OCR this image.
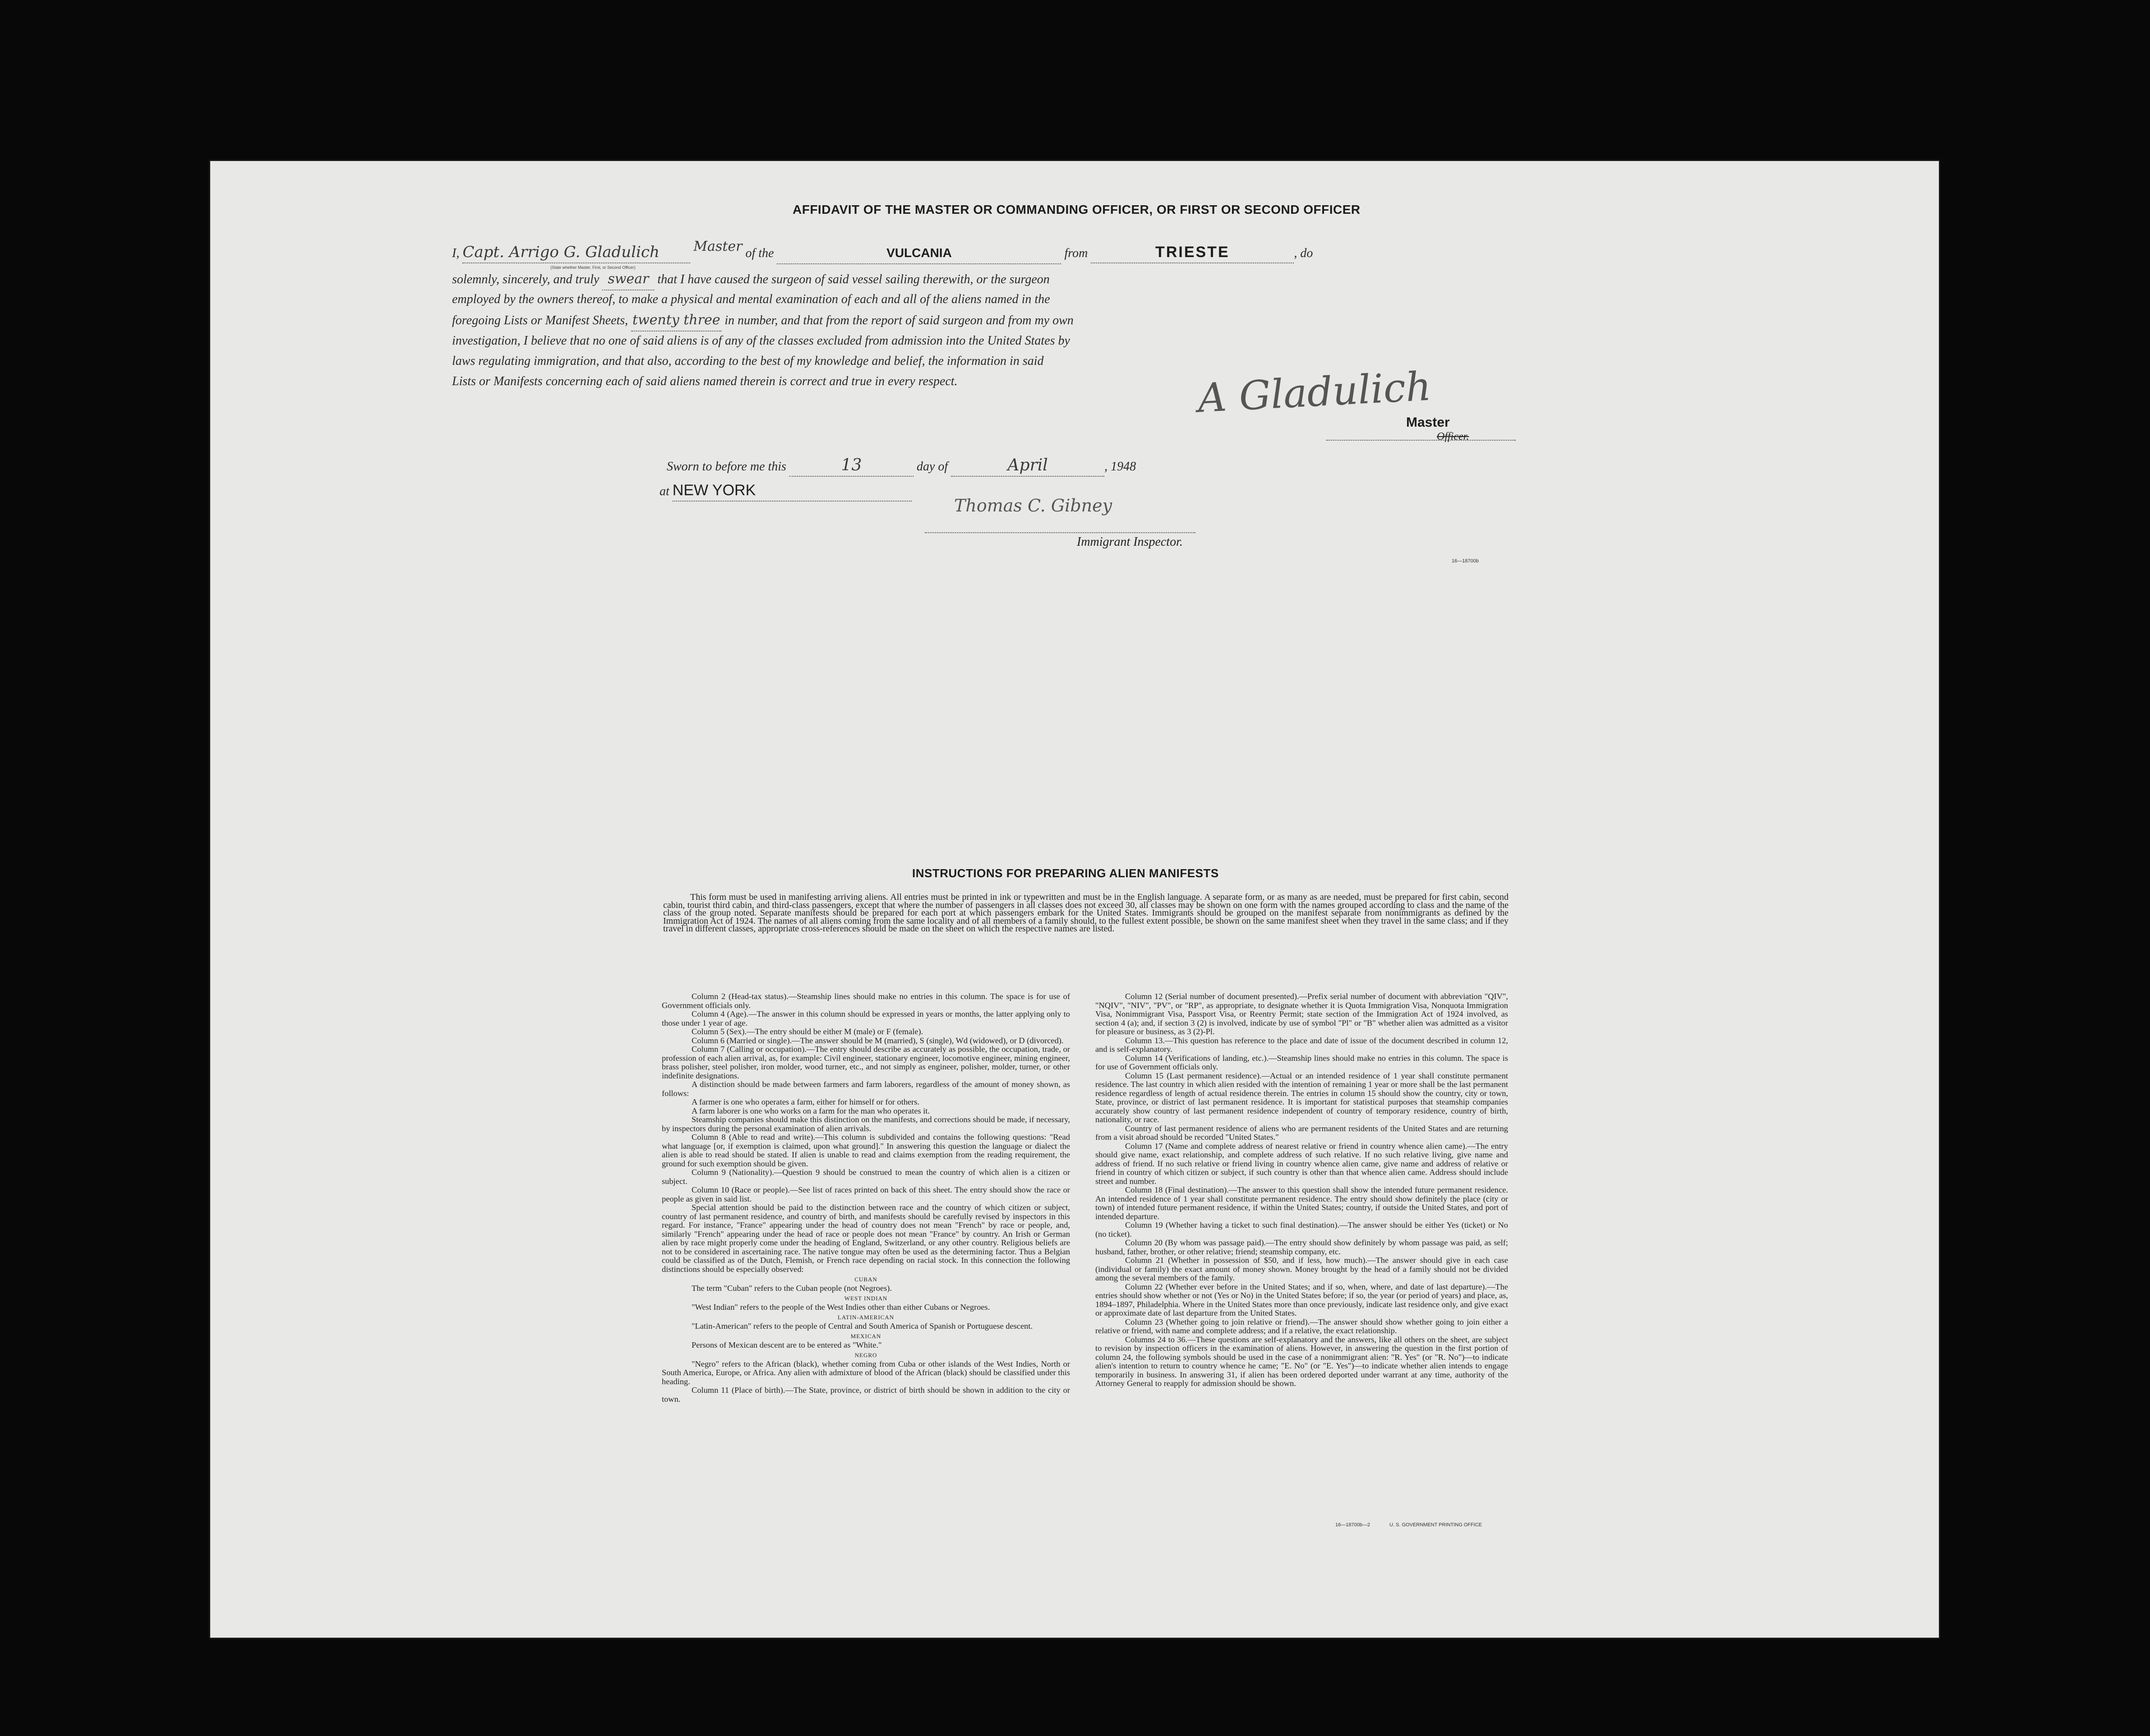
AFFIDAVIT OF THE MASTER OR COMMANDING OFFICER, OR FIRST OR SECOND OFFICER
I, Capt. Arrigo G. Gladulich	Master of the	VULCANIA	from	TRIESTE	, do
(State whether Master, First, or Second Officer)
solemnly, sincerely, and truly swear that I have caused the surgeon of said vessel sailing therewith, or the surgeon
employed by the owners thereof, to make a physical and mental examination of each and all of the aliens named in the
foregoing Lists or Manifest Sheets, twenty three in number, and that from the report of said surgeon and from my own
investigation, I believe that no one of said aliens is of any of the classes excluded from admission into the United States by
laws regulating immigration, and that also, according to the best of my knowledge and belief, the information in said
Lists or Manifests concerning each of said aliens named therein is correct and true in every respect.	A Gladulich
Master
Officer.
Sworn to before me this	13	day of	April	, 1948
at NEW YORK
Thomas C. Gibney
Immigrant Inspector.
16—18700b
INSTRUCTIONS FOR PREPARING ALIEN MANIFESTS

This form must be used in manifesting arriving aliens. All entries must be printed in ink or typewritten and must be in the English language. A separate form, or as many as are needed, must be prepared for first cabin, second cabin, tourist third cabin, and third-class passengers, except that where the number of passengers in all classes does not exceed 30, all classes may be shown on one form with the names grouped according to class and the name of the class of the group noted. Separate manifests should be prepared for each port at which passengers embark for the United States. Immigrants should be grouped on the manifest separate from nonimmigrants as defined by the Immigration Act of 1924. The names of all aliens coming from the same locality and of all members of a family should, to the fullest extent possible, be shown on the same manifest sheet when they travel in the same class; and if they travel in different classes, appropriate cross-references should be made on the sheet on which the respective names are listed.

Column 2 (Head-tax status).—Steamship lines should make no entries in this column. The space is for use of Government officials only.

Column 4 (Age).—The answer in this column should be expressed in years or months, the latter applying only to those under 1 year of age.

Column 5 (Sex).—The entry should be either M (male) or F (female).

Column 6 (Married or single).—The answer should be M (married), S (single), Wd (widowed), or D (divorced).

Column 7 (Calling or occupation).—The entry should describe as accurately as possible, the occupation, trade, or profession of each alien arrival, as, for example: Civil engineer, stationary engineer, locomotive engineer, mining engineer, brass polisher, steel polisher, iron molder, wood turner, etc., and not simply as engineer, polisher, molder, turner, or other indefinite designations.

A distinction should be made between farmers and farm laborers, regardless of the amount of money shown, as follows:

A farmer is one who operates a farm, either for himself or for others.

A farm laborer is one who works on a farm for the man who operates it.

Steamship companies should make this distinction on the manifests, and corrections should be made, if necessary, by inspectors during the personal examination of alien arrivals.

Column 8 (Able to read and write).—This column is subdivided and contains the following questions: "Read what language [or, if exemption is claimed, upon what ground]." In answering this question the language or dialect the alien is able to read should be stated. If alien is unable to read and claims exemption from the reading requirement, the ground for such exemption should be given.

Column 9 (Nationality).—Question 9 should be construed to mean the country of which alien is a citizen or subject.

Column 10 (Race or people).—See list of races printed on back of this sheet. The entry should show the race or people as given in said list.

Special attention should be paid to the distinction between race and the country of which citizen or subject, country of last permanent residence, and country of birth, and manifests should be carefully revised by inspectors in this regard. For instance, "France" appearing under the head of country does not mean "French" by race or people, and, similarly "French" appearing under the head of race or people does not mean "France" by country. An Irish or German alien by race might properly come under the heading of England, Switzerland, or any other country. Religious beliefs are not to be considered in ascertaining race. The native tongue may often be used as the determining factor. Thus a Belgian could be classified as of the Dutch, Flemish, or French race depending on racial stock. In this connection the following distinctions should be especially observed:

CUBAN

The term "Cuban" refers to the Cuban people (not Negroes).

WEST INDIAN

"West Indian" refers to the people of the West Indies other than either Cubans or Negroes.

LATIN-AMERICAN

"Latin-American" refers to the people of Central and South America of Spanish or Portuguese descent.

MEXICAN

Persons of Mexican descent are to be entered as "White."

NEGRO

"Negro" refers to the African (black), whether coming from Cuba or other islands of the West Indies, North or South America, Europe, or Africa. Any alien with admixture of blood of the African (black) should be classified under this heading.

Column 11 (Place of birth).—The State, province, or district of birth should be shown in addition to the city or town.

Column 12 (Serial number of document presented).—Prefix serial number of document with abbreviation "QIV", "NQIV", "NIV", "PV", or "RP", as appropriate, to designate whether it is Quota Immigration Visa, Nonquota Immigration Visa, Nonimmigrant Visa, Passport Visa, or Reentry Permit; state section of the Immigration Act of 1924 involved, as section 4 (a); and, if section 3 (2) is involved, indicate by use of symbol "Pl" or "B" whether alien was admitted as a visitor for pleasure or business, as 3 (2)-Pl.

Column 13.—This question has reference to the place and date of issue of the document described in column 12, and is self-explanatory.

Column 14 (Verifications of landing, etc.).—Steamship lines should make no entries in this column. The space is for use of Government officials only.

Column 15 (Last permanent residence).—Actual or an intended residence of 1 year shall constitute permanent residence. The last country in which alien resided with the intention of remaining 1 year or more shall be the last permanent residence regardless of length of actual residence therein. The entries in column 15 should show the country, city or town, State, province, or district of last permanent residence. It is important for statistical purposes that steamship companies accurately show country of last permanent residence independent of country of temporary residence, country of birth, nationality, or race.

Country of last permanent residence of aliens who are permanent residents of the United States and are returning from a visit abroad should be recorded "United States."

Column 17 (Name and complete address of nearest relative or friend in country whence alien came).—The entry should give name, exact relationship, and complete address of such relative. If no such relative living, give name and address of friend. If no such relative or friend living in country whence alien came, give name and address of relative or friend in country of which citizen or subject, if such country is other than that whence alien came. Address should include street and number.

Column 18 (Final destination).—The answer to this question shall show the intended future permanent residence. An intended residence of 1 year shall constitute permanent residence. The entry should show definitely the place (city or town) of intended future permanent residence, if within the United States; country, if outside the United States, and port of intended departure.

Column 19 (Whether having a ticket to such final destination).—The answer should be either Yes (ticket) or No (no ticket).

Column 20 (By whom was passage paid).—The entry should show definitely by whom passage was paid, as self; husband, father, brother, or other relative; friend; steamship company, etc.

Column 21 (Whether in possession of $50, and if less, how much).—The answer should give in each case (individual or family) the exact amount of money shown. Money brought by the head of a family should not be divided among the several members of the family.

Column 22 (Whether ever before in the United States; and if so, when, where, and date of last departure).—The entries should show whether or not (Yes or No) in the United States before; if so, the year (or period of years) and place, as, 1894–1897, Philadelphia. Where in the United States more than once previously, indicate last residence only, and give exact or approximate date of last departure from the United States.

Column 23 (Whether going to join relative or friend).—The answer should show whether going to join either a relative or friend, with name and complete address; and if a relative, the exact relationship.

Columns 24 to 36.—These questions are self-explanatory and the answers, like all others on the sheet, are subject to revision by inspection officers in the examination of aliens. However, in answering the question in the first portion of column 24, the following symbols should be used in the case of a nonimmigrant alien: "R. Yes" (or "R. No")—to indicate alien's intention to return to country whence he came; "E. No" (or "E. Yes")—to indicate whether alien intends to engage temporarily in business. In answering 31, if alien has been ordered deported under warrant at any time, authority of the Attorney General to reapply for admission should be shown.

16—18700b—2	U. S. GOVERNMENT PRINTING OFFICE
